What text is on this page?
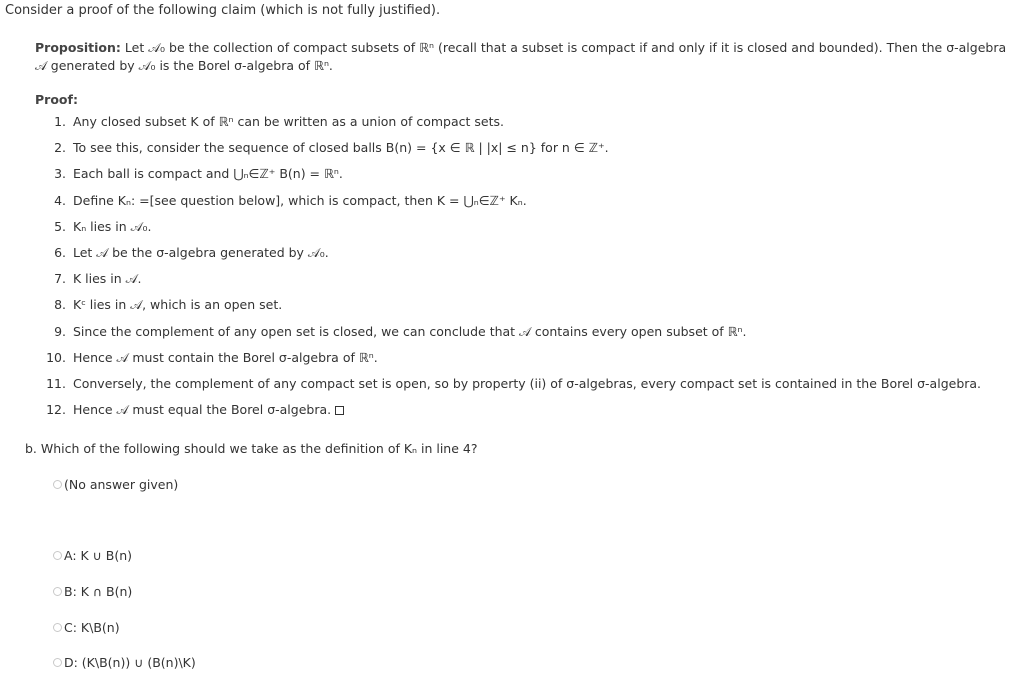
Consider a proof of the following claim (which is not fully justified).
Proposition: Let 𝒜₀ be the collection of compact subsets of ℝⁿ (recall that a subset is compact if and only if it is closed and bounded). Then the σ-algebra 𝒜 generated by 𝒜₀ is the Borel σ-algebra of ℝⁿ.
Proof:
1. Any closed subset K of ℝⁿ can be written as a union of compact sets.
2. To see this, consider the sequence of closed balls B(n) = {x ∈ ℝ | |x| ≤ n} for n ∈ ℤ⁺.
3. Each ball is compact and ⋃ₙ∈ℤ⁺ B(n) = ℝⁿ.
4. Define Kₙ: =[see question below], which is compact, then K = ⋃ₙ∈ℤ⁺ Kₙ.
5. Kₙ lies in 𝒜₀.
6. Let 𝒜 be the σ-algebra generated by 𝒜₀.
7. K lies in 𝒜.
8. Kᶜ lies in 𝒜, which is an open set.
9. Since the complement of any open set is closed, we can conclude that 𝒜 contains every open subset of ℝⁿ.
10. Hence 𝒜 must contain the Borel σ-algebra of ℝⁿ.
11. Conversely, the complement of any compact set is open, so by property (ii) of σ-algebras, every compact set is contained in the Borel σ-algebra.
12. Hence 𝒜 must equal the Borel σ-algebra.
b. Which of the following should we take as the definition of Kₙ in line 4?
(No answer given)
A: K ∪ B(n)
B: K ∩ B(n)
C: K\B(n)
D: (K\B(n)) ∪ (B(n)\K)
